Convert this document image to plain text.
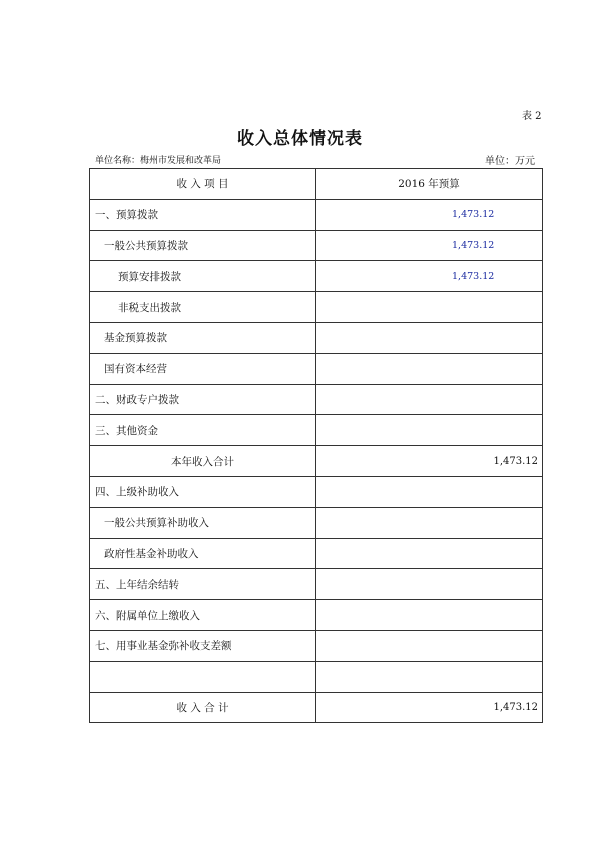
表 2
收入总体情况表
单位名称：梅州市发展和改革局	单位：万元
收 入 项 目	2016 年预算
一、预算拨款	1,473.12
一般公共预算拨款	1,473.12
预算安排拨款	1,473.12
非税支出拨款	
基金预算拨款	
国有资本经营	
二、财政专户拨款	
三、其他资金	
本年收入合计	1,473.12
四、上级补助收入	
一般公共预算补助收入	
政府性基金补助收入	
五、上年结余结转	
六、附属单位上缴收入	
七、用事业基金弥补收支差额	

收 入 合 计	1,473.12
